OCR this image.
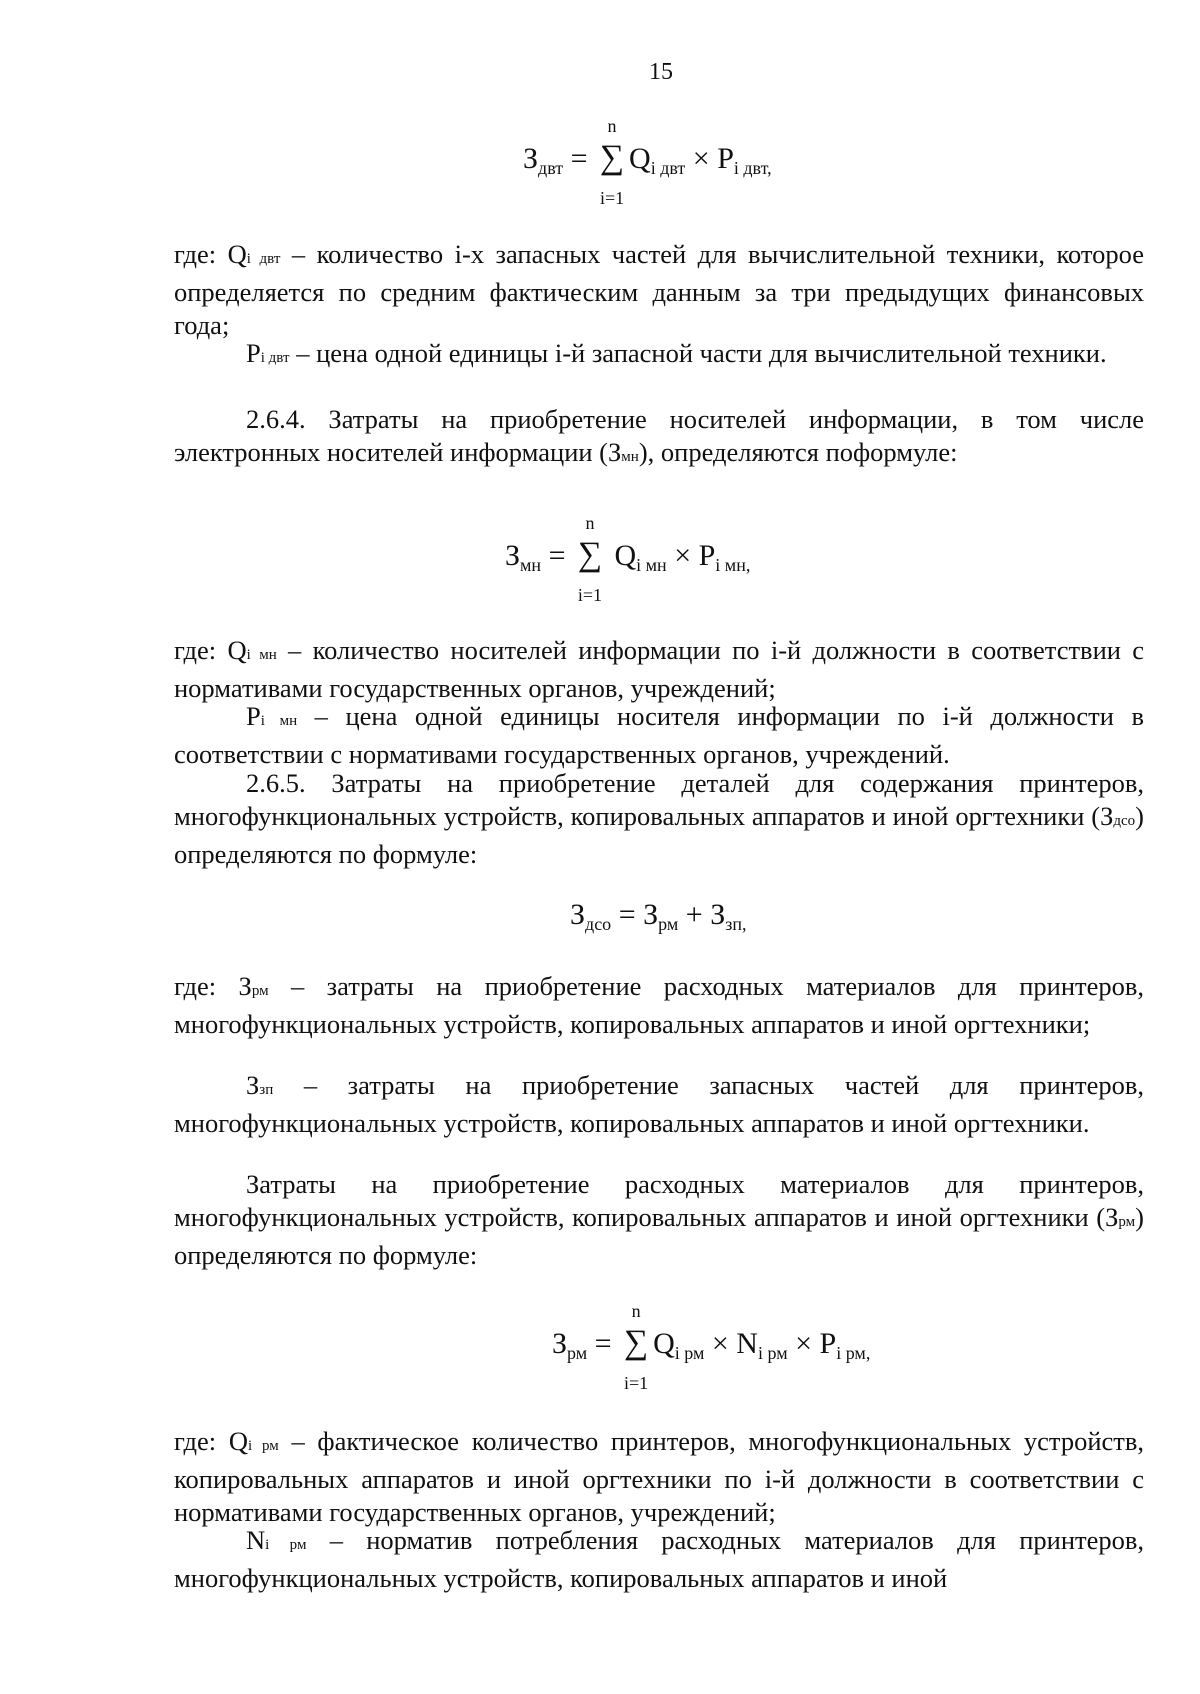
15
$З_{двт}$ =
n
∑
i=1
$Q_{i двт} \times P_{i двт,}$

где: Qi двт – количество i-х запасных частей для вычислительной техники, которое определяется по средним фактическим данным за три предыдущих финансовых года;

Pi двт – цена одной единицы i-й запасной части для вычислительной техники.

2.6.4. Затраты на приобретение носителей информации, в том числе электронных носителей информации (Змн), определяются поформуле:

$З_{мн}$ =
n
∑
i=1
$Q_{i мн} \times P_{i мн,}$

где: Qi мн – количество носителей информации по i-й должности в соответствии с нормативами государственных органов, учреждений;

Pi мн – цена одной единицы носителя информации по i-й должности в соответствии с нормативами государственных органов, учреждений.

2.6.5. Затраты на приобретение деталей для содержания принтеров, многофункциональных устройств, копировальных аппаратов и иной оргтехники (Здсо) определяются по формуле:

$З_{дсо} = З_{рм} + З_{зп,}$

где: Зрм – затраты на приобретение расходных материалов для принтеров, многофункциональных устройств, копировальных аппаратов и иной оргтехники;

Ззп – затраты на приобретение запасных частей для принтеров, многофункциональных устройств, копировальных аппаратов и иной оргтехники.

Затраты на приобретение расходных материалов для принтеров, многофункциональных устройств, копировальных аппаратов и иной оргтехники (Зрм) определяются по формуле:

$З_{рм}$ =
n
∑
i=1
$Q_{i рм} \times N_{i рм} \times P_{i рм,}$

где: Qi рм – фактическое количество принтеров, многофункциональных устройств, копировальных аппаратов и иной оргтехники по i-й должности в соответствии с нормативами государственных органов, учреждений;

Ni рм – норматив потребления расходных материалов для принтеров, многофункциональных устройств, копировальных аппаратов и иной
